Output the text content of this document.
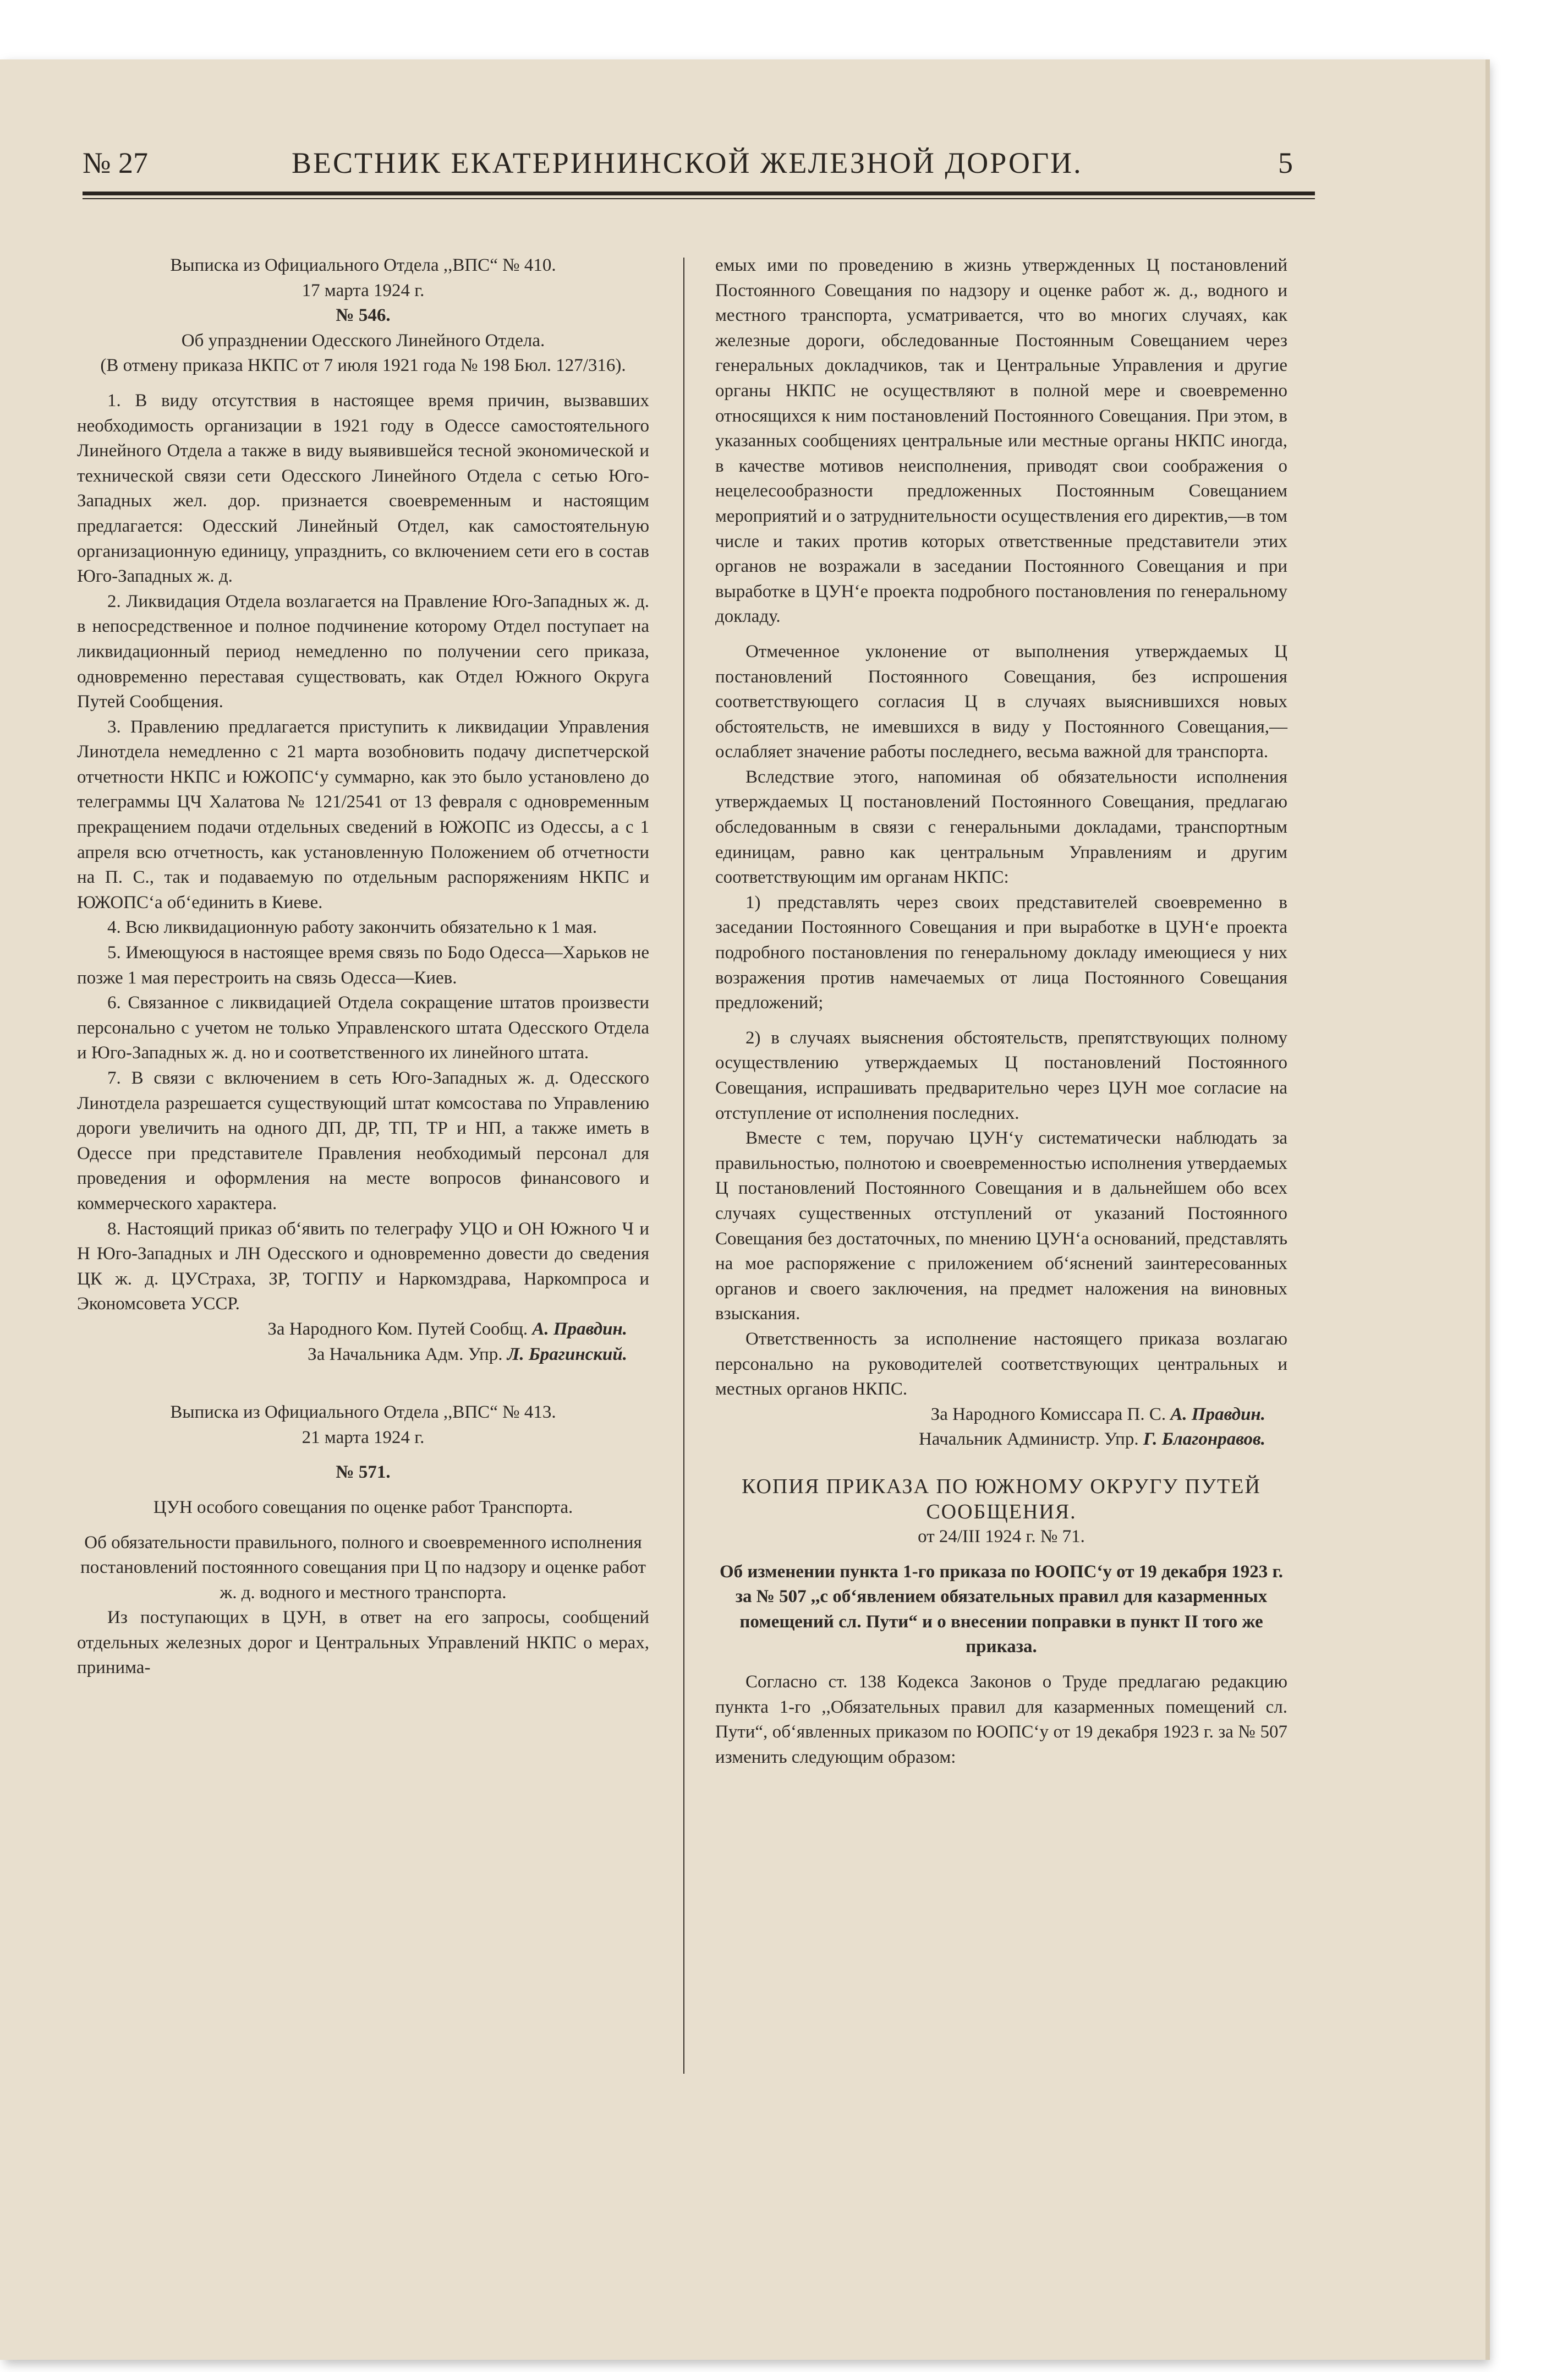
№ 27	ВЕСТНИК ЕКАТЕРИНИНСКОЙ ЖЕЛЕЗНОЙ ДОРОГИ.	5

Выписка из Официального Отдела ,,ВПС“ № 410.

17 марта 1924 г.

№ 546.

Об упразднении Одесского Линейного Отдела.

(В отмену приказа НКПС от 7 июля 1921 года № 198 Бюл. 127/316).

1. В виду отсутствия в настоящее время причин, вызвавших необходимость организации в 1921 году в Одессе самостоятельного Линейного Отдела а также в виду выявившейся тесной экономической и технической связи сети Одесского Линейного Отдела с сетью Юго-Западных жел. дор. признается своевременным и настоящим предлагается: Одесский Линейный Отдел, как самостоятельную организационную единицу, упразднить, со включением сети его в состав Юго-Западных ж. д.

2. Ликвидация Отдела возлагается на Правление Юго-Западных ж. д. в непосредственное и полное подчинение которому Отдел поступает на ликвидационный период немедленно по получении сего приказа, одновременно переставая существовать, как Отдел Южного Округа Путей Сообщения.

3. Правлению предлагается приступить к ликвидации Управления Линотдела немедленно с 21 марта возобновить подачу диспетчерской отчетности НКПС и ЮЖОПС‘у суммарно, как это было установлено до телеграммы ЦЧ Халатова № 121/2541 от 13 февраля с одновременным прекращением подачи отдельных сведений в ЮЖОПС из Одессы, а с 1 апреля всю отчетность, как установленную Положением об отчетности на П. С., так и подаваемую по отдельным распоряжениям НКПС и ЮЖОПС‘а об‘единить в Киеве.

4. Всю ликвидационную работу закончить обязательно к 1 мая.

5. Имеющуюся в настоящее время связь по Бодо Одесса—Харьков не позже 1 мая перестроить на связь Одесса—Киев.

6. Связанное с ликвидацией Отдела сокращение штатов произвести персонально с учетом не только Управленского штата Одесского Отдела и Юго-Западных ж. д. но и соответственного их линейного штата.

7. В связи с включением в сеть Юго-Западных ж. д. Одесского Линотдела разрешается существующий штат комсостава по Управлению дороги увеличить на одного ДП, ДР, ТП, ТР и НП, а также иметь в Одессе при представителе Правления необходимый персонал для проведения и оформления на месте вопросов финансового и коммерческого характера.

8. Настоящий приказ об‘явить по телеграфу УЦО и ОН Южного Ч и Н Юго-Западных и ЛН Одесского и одновременно довести до сведения ЦК ж. д. ЦУСтраха, ЗР, ТОГПУ и Наркомздрава, Наркомпроса и Экономсовета УССР.

За Народного Ком. Путей Сообщ. А. Правдин.

За Начальника Адм. Упр. Л. Брагинский.

Выписка из Официального Отдела ,,ВПС“ № 413.

21 марта 1924 г.

№ 571.

ЦУН особого совещания по оценке работ Транспорта.

Об обязательности правильного, полного и своевременного исполнения постановлений постоянного совещания при Ц по надзору и оценке работ ж. д. водного и местного транспорта.

Из поступающих в ЦУН, в ответ на его запросы, сообщений отдельных железных дорог и Центральных Управлений НКПС о мерах, принима-

емых ими по проведению в жизнь утвержденных Ц постановлений Постоянного Совещания по надзору и оценке работ ж. д., водного и местного транспорта, усматривается, что во многих случаях, как железные дороги, обследованные Постоянным Совещанием через генеральных докладчиков, так и Центральные Управления и другие органы НКПС не осуществляют в полной мере и своевременно относящихся к ним постановлений Постоянного Совещания. При этом, в указанных сообщениях центральные или местные органы НКПС иногда, в качестве мотивов неисполнения, приводят свои соображения о нецелесообразности предложенных Постоянным Совещанием мероприятий и о затруднительности осуществления его директив,—в том числе и таких против которых ответственные представители этих органов не возражали в заседании Постоянного Совещания и при выработке в ЦУН‘е проекта подробного постановления по генеральному докладу.

Отмеченное уклонение от выполнения утверждаемых Ц постановлений Постоянного Совещания, без испрошения соответствующего согласия Ц в случаях выяснившихся новых обстоятельств, не имевшихся в виду у Постоянного Совещания,—ослабляет значение работы последнего, весьма важной для транспорта.

Вследствие этого, напоминая об обязательности исполнения утверждаемых Ц постановлений Постоянного Совещания, предлагаю обследованным в связи с генеральными докладами, транспортным единицам, равно как центральным Управлениям и другим соответствующим им органам НКПС:

1) представлять через своих представителей своевременно в заседании Постоянного Совещания и при выработке в ЦУН‘е проекта подробного постановления по генеральному докладу имеющиеся у них возражения против намечаемых от лица Постоянного Совещания предложений;

2) в случаях выяснения обстоятельств, препятствующих полному осуществлению утверждаемых Ц постановлений Постоянного Совещания, испрашивать предварительно через ЦУН мое согласие на отступление от исполнения последних.

Вместе с тем, поручаю ЦУН‘у систематически наблюдать за правильностью, полнотою и своевременностью исполнения утвердаемых Ц постановлений Постоянного Совещания и в дальнейшем обо всех случаях существенных отступлений от указаний Постоянного Совещания без достаточных, по мнению ЦУН‘а оснований, представлять на мое распоряжение с приложением об‘яснений заинтересованных органов и своего заключения, на предмет наложения на виновных взыскания.

Ответственность за исполнение настоящего приказа возлагаю персонально на руководителей соответствующих центральных и местных органов НКПС.

За Народного Комиссара П. С. А. Правдин.

Начальник Администр. Упр. Г. Благонравов.

КОПИЯ ПРИКАЗА ПО ЮЖНОМУ ОКРУГУ ПУТЕЙ СООБЩЕНИЯ.

от 24/III 1924 г. № 71.

Об изменении пункта 1-го приказа по ЮОПС‘у от 19 декабря 1923 г. за № 507 ,,с об‘явлением обязательных правил для казарменных помещений сл. Пути“ и о внесении поправки в пункт II того же приказа.

Согласно ст. 138 Кодекса Законов о Труде предлагаю редакцию пункта 1-го ,,Обязательных правил для казарменных помещений сл. Пути“, об‘явленных приказом по ЮОПС‘у от 19 декабря 1923 г. за № 507 изменить следующим образом:
